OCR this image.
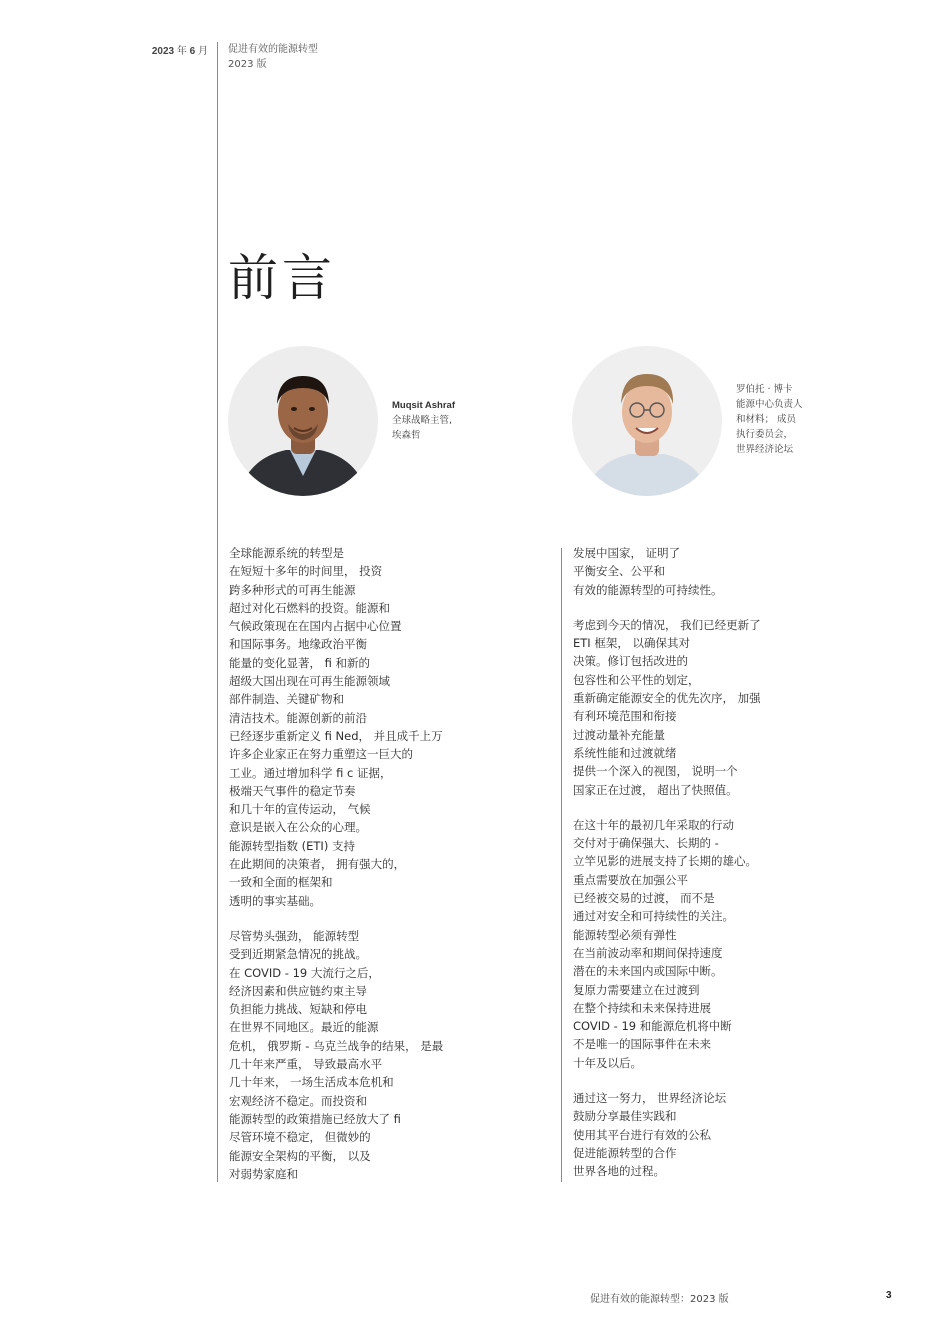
2023 年 6 月 促进有效的能源转型
2023 版
前言
Muqsit Ashraf
全球战略主管,
埃森哲
罗伯托 · 博卡
能源中心负责人
和材料； 成员
执行委员会，
世界经济论坛
全球能源系统的转型是
在短短十多年的时间里， 投资
跨多种形式的可再生能源
超过对化石燃料的投资。能源和
气候政策现在在国内占据中心位置
和国际事务。地缘政治平衡
能量的变化显著， fi 和新的
超级大国出现在可再生能源领域
部件制造、关键矿物和
清洁技术。能源创新的前沿
已经逐步重新定义 fi Ned， 并且成千上万
许多企业家正在努力重塑这一巨大的
工业。通过增加科学 fi c 证据，
极端天气事件的稳定节奏
和几十年的宣传运动， 气候
意识是嵌入在公众的心理。
能源转型指数 (ETI) 支持
在此期间的决策者， 拥有强大的，
一致和全面的框架和
透明的事实基础。
尽管势头强劲， 能源转型
受到近期紧急情况的挑战。
在 COVID - 19 大流行之后，
经济因素和供应链约束主导
负担能力挑战、短缺和停电
在世界不同地区。最近的能源
危机， 俄罗斯 - 乌克兰战争的结果， 是最
几十年来严重， 导致最高水平
几十年来， 一场生活成本危机和
宏观经济不稳定。而投资和
能源转型的政策措施已经放大了 fi
尽管环境不稳定， 但微妙的
能源安全架构的平衡， 以及
对弱势家庭和
发展中国家， 证明了
平衡安全、公平和
有效的能源转型的可持续性。
考虑到今天的情况， 我们已经更新了
ETI 框架， 以确保其对
决策。修订包括改进的
包容性和公平性的划定，
重新确定能源安全的优先次序， 加强
有利环境范围和衔接
过渡动量补充能量
系统性能和过渡就绪
提供一个深入的视图， 说明一个
国家正在过渡， 超出了快照值。
在这十年的最初几年采取的行动
交付对于确保强大、长期的 -
立竿见影的进展支持了长期的雄心。
重点需要放在加强公平
已经被交易的过渡， 而不是
通过对安全和可持续性的关注。
能源转型必须有弹性
在当前波动率和期间保持速度
潜在的未来国内或国际中断。
复原力需要建立在过渡到
在整个持续和未来保持进展
COVID - 19 和能源危机将中断
不是唯一的国际事件在未来
十年及以后。
通过这一努力， 世界经济论坛
鼓励分享最佳实践和
使用其平台进行有效的公私
促进能源转型的合作
世界各地的过程。
促进有效的能源转型：2023 版	3
